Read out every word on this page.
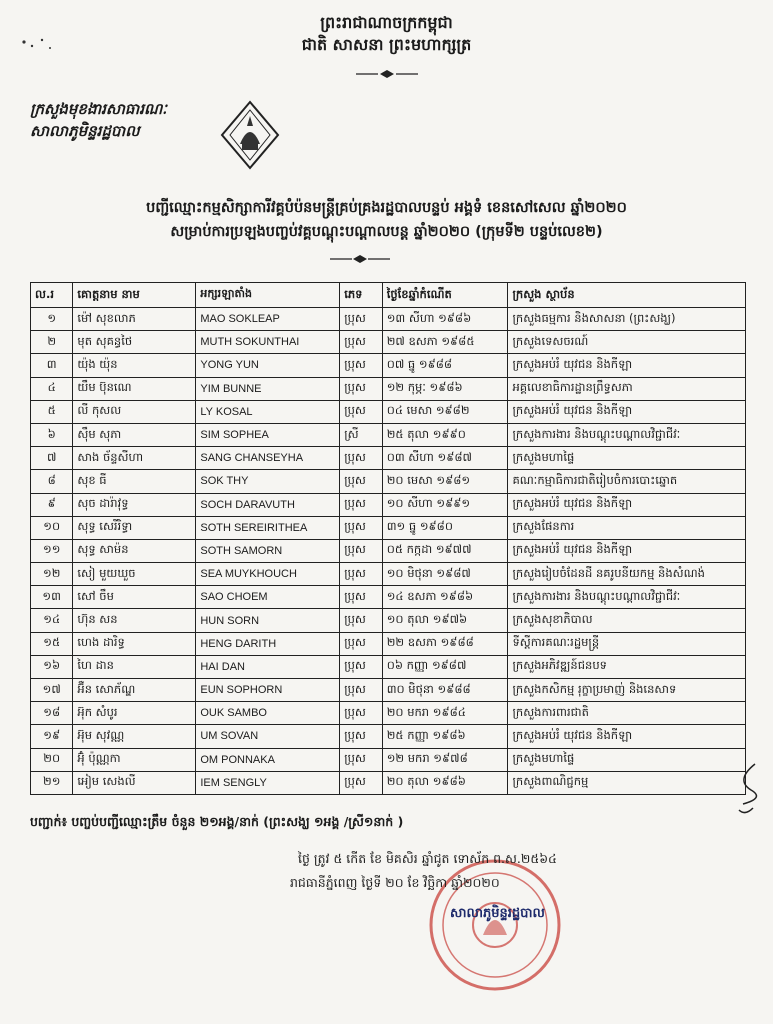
ព្រះរាជាណាចក្រកម្ពុជា
ជាតិ សាសនា ព្រះមហាក្សត្រ
ក្រសួងមុខងារសាធារណៈ
សាលាភូមិន្ទរដ្ឋបាល
បញ្ជីឈ្មោះកម្មសិក្សាការីវគ្គបំប៉នមន្ត្រីគ្រប់គ្រងរដ្ឋបាលបន្ទប់ អង្គទំ ខេនសៅសេល ឆ្នាំ២០២០
សម្រាប់ការប្រឡងបញ្ចប់វគ្គបណ្តុះបណ្តាលបន្ត ឆ្នាំ២០២០ (ក្រុមទី២ បន្ទប់លេខ២)
ល.រ	គោត្តនាម នាម	អក្សរឡាតាំង	ភេទ	ថ្ងៃខែឆ្នាំកំណើត	ក្រសួង ស្ថាប័ន
១	ម៉ៅ សុខលាភ	MAO SOKLEAP	ប្រុស	១៣ សីហា ១៩៨៦	ក្រសួងធម្មការ និងសាសនា (ព្រះសង្ឃ)
២	មុត សុគន្ធថៃ	MUTH SOKUNTHAI	ប្រុស	២៧ ឧសភា ១៩៨៥	ក្រសួងទេសចរណ៍
៣	យ៉ុង យ៉ុន	YONG YUN	ប្រុស	០៧ ធ្នូ ១៩៨៨	ក្រសួងអប់រំ យុវជន និងកីឡា
៤	យឹម ប៊ុនណេ	YIM BUNNE	ប្រុស	១២ កុម្ភៈ ១៩៨៦	អគ្គលេខាធិការដ្ឋានព្រឹទ្ធសភា
៥	លី កុសល	LY KOSAL	ប្រុស	០៤ មេសា ១៩៨២	ក្រសួងអប់រំ យុវជន និងកីឡា
៦	ស៊ឹម សុភា	SIM SOPHEA	ស្រី	២៥ តុលា ១៩៩០	ក្រសួងការងារ និងបណ្តុះបណ្តាលវិជ្ជាជីវៈ
៧	សាង ច័ន្ទសីហា	SANG CHANSEYHA	ប្រុស	០៣ សីហា ១៩៨៧	ក្រសួងមហាផ្ទៃ
៨	សុខ ធី	SOK THY	ប្រុស	២០ មេសា ១៩៨១	គណៈកម្មាធិការជាតិរៀបចំការបោះឆ្នោត
៩	សុច ដារ៉ាវុទ្ធ	SOCH DARAVUTH	ប្រុស	១០ សីហា ១៩៩១	ក្រសួងអប់រំ យុវជន និងកីឡា
១០	សុទ្ធ សេរីរិទ្ធា	SOTH SEREIRITHEA	ប្រុស	៣១ ធ្នូ ១៩៨០	ក្រសួងផែនការ
១១	សុទ្ធ សាម៉ន	SOTH SAMORN	ប្រុស	០៥ កក្កដា ១៩៧៧	ក្រសួងអប់រំ យុវជន និងកីឡា
១២	សៀ មួយឃួច	SEA MUYKHOUCH	ប្រុស	១០ មិថុនា ១៩៨៧	ក្រសួងរៀបចំដែនដី នគរូបនីយកម្ម និងសំណង់
១៣	សៅ ចឹម	SAO CHOEM	ប្រុស	១៤ ឧសភា ១៩៨៦	ក្រសួងការងារ និងបណ្តុះបណ្តាលវិជ្ជាជីវៈ
១៤	ហ៊ុន សន	HUN SORN	ប្រុស	១០ តុលា ១៩៧៦	ក្រសួងសុខាភិបាល
១៥	ហេង ដារិទ្ធ	HENG DARITH	ប្រុស	២២ ឧសភា ១៩៨៨	ទីស្តីការគណៈរដ្ឋមន្ត្រី
១៦	ហៃ ដាន	HAI DAN	ប្រុស	០៦ កញ្ញា ១៩៨៧	ក្រសួងអភិវឌ្ឍន៍ជនបទ
១៧	អ៊ឺន សោភ័ណ្ឌ	EUN SOPHORN	ប្រុស	៣០ មិថុនា ១៩៨៨	ក្រសួងកសិកម្ម រុក្ខាប្រមាញ់ និងនេសាទ
១៨	អ៊ុក សំបូរ	OUK SAMBO	ប្រុស	២០ មករា ១៩៨៤	ក្រសួងការពារជាតិ
១៩	អ៊ុម សុវណ្ណ	UM SOVAN	ប្រុស	២៥ កញ្ញា ១៩៨៦	ក្រសួងអប់រំ យុវជន និងកីឡា
២០	អ៊ុំ ប៉ុណ្ណកា	OM PONNAKA	ប្រុស	១២ មករា ១៩៧៨	ក្រសួងមហាផ្ទៃ
២១	អៀម សេងលី	IEM SENGLY	ប្រុស	២០ តុលា ១៩៨៦	ក្រសួងពាណិជ្ជកម្ម
បញ្ជាក់៖ បញ្ចប់បញ្ជីឈ្មោះត្រឹម ចំនួន ២១អង្គ/នាក់ (ព្រះសង្ឃ ១អង្គ /ស្រី១នាក់ )
ថ្ងៃ ត្រូវ ៥ កើត ខែ មិគសិរ ឆ្នាំជូត ទោស័ក ព.ស.២៥៦៤
រាជធានីភ្នំពេញ ថ្ងៃទី ២០ ខែ វិច្ឆិកា ឆ្នាំ២០២០
សាលាភូមិន្ទរដ្ឋបាល
